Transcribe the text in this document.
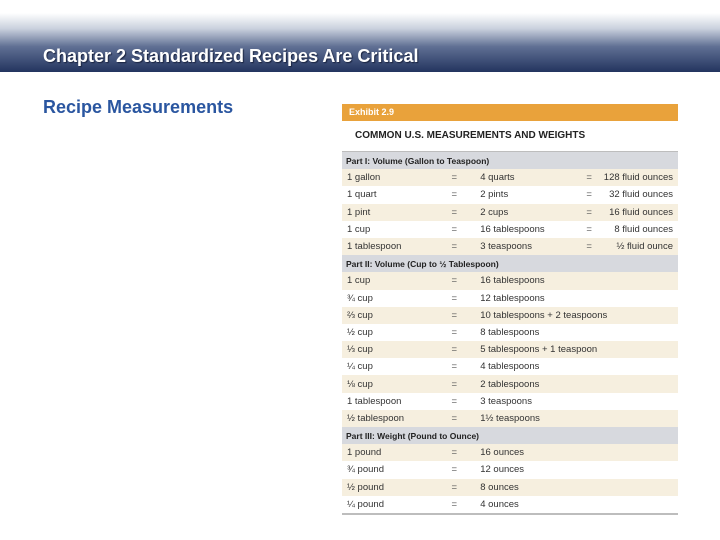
Chapter 2 Standardized Recipes Are Critical
Recipe Measurements	Exhibit 2.9
COMMON U.S. MEASUREMENTS AND WEIGHTS
Part I: Volume (Gallon to Teaspoon)				
1 gallon	=	4 quarts	=	128 fluid ounces
1 quart	=	2 pints	=	32 fluid ounces
1 pint	=	2 cups	=	16 fluid ounces
1 cup	=	16 tablespoons	=	8 fluid ounces
1 tablespoon	=	3 teaspoons	=	½ fluid ounce
Part II: Volume (Cup to ½ Tablespoon)				
1 cup	=	16 tablespoons		
¾ cup	=	12 tablespoons		
⅔ cup	=	10 tablespoons + 2 teaspoons		
½ cup	=	8 tablespoons		
⅓ cup	=	5 tablespoons + 1 teaspoon		
¼ cup	=	4 tablespoons		
⅛ cup	=	2 tablespoons		
1 tablespoon	=	3 teaspoons		
½ tablespoon	=	1½ teaspoons		
Part III: Weight (Pound to Ounce)				
1 pound	=	16 ounces		
¾ pound	=	12 ounces		
½ pound	=	8 ounces		
¼ pound	=	4 ounces		
